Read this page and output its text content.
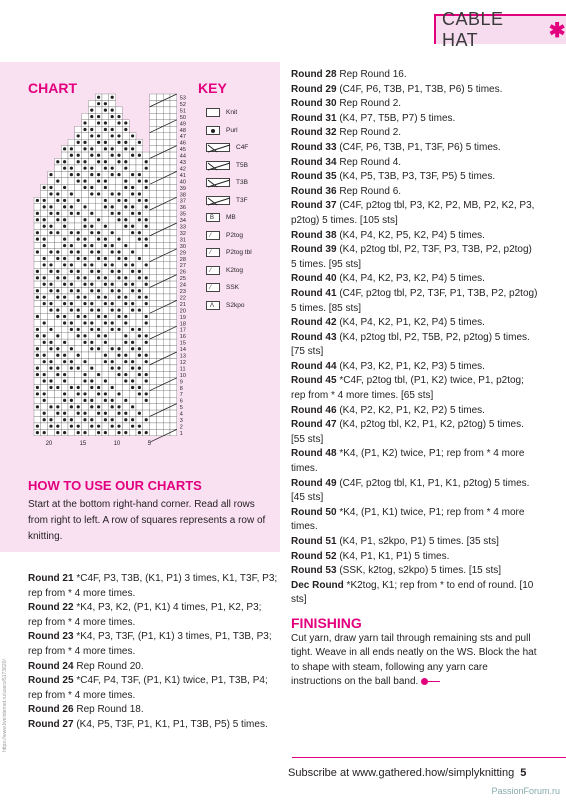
CABLE HAT	✱
CHART	KEY
53
52
51
50
49
48
47
46
45
44
43
42
41
40
39
38
37
36
35
34
33
32
31
30
29
28
27
26
25
24
23
22
21
20
19
18
17
16
15
14
13
12
11
10
9
8
7
6
5
4
3
2
1
20	15	10	5
Knit
Purl
C4F
T5B
T3B
T3F
B MB
⁄ P2tog
⁄ P2tog tbl
⁄ K2tog
⁄ SSK
Λ S2kpo
HOW TO USE OUR CHARTS
Start at the bottom right-hand corner. Read all rows from right to left. A row of squares represents a row of knitting.

Round 21 *C4F, P3, T3B, (K1, P1) 3 times, K1, T3F, P3; rep from * 4 more times.

Round 22 *K4, P3, K2, (P1, K1) 4 times, P1, K2, P3; rep from * 4 more times.

Round 23 *K4, P3, T3F, (P1, K1) 3 times, P1, T3B, P3; rep from * 4 more times.

Round 24 Rep Round 20.

Round 25 *C4F, P4, T3F, (P1, K1) twice, P1, T3B, P4; rep from * 4 more times.

Round 26 Rep Round 18.

Round 27 (K4, P5, T3F, P1, K1, P1, T3B, P5) 5 times.

Round 28 Rep Round 16.

Round 29 (C4F, P6, T3B, P1, T3B, P6) 5 times.

Round 30 Rep Round 2.

Round 31 (K4, P7, T5B, P7) 5 times.

Round 32 Rep Round 2.

Round 33 (C4F, P6, T3B, P1, T3F, P6) 5 times.

Round 34 Rep Round 4.

Round 35 (K4, P5, T3B, P3, T3F, P5) 5 times.

Round 36 Rep Round 6.

Round 37 (C4F, p2tog tbl, P3, K2, P2, MB, P2, K2, P3, p2tog) 5 times. [105 sts]

Round 38 (K4, P4, K2, P5, K2, P4) 5 times.

Round 39 (K4, p2tog tbl, P2, T3F, P3, T3B, P2, p2tog) 5 times. [95 sts]

Round 40 (K4, P4, K2, P3, K2, P4) 5 times.

Round 41 (C4F, p2tog tbl, P2, T3F, P1, T3B, P2, p2tog) 5 times. [85 sts]

Round 42 (K4, P4, K2, P1, K2, P4) 5 times.

Round 43 (K4, p2tog tbl, P2, T5B, P2, p2tog) 5 times. [75 sts]

Round 44 (K4, P3, K2, P1, K2, P3) 5 times.

Round 45 *C4F, p2tog tbl, (P1, K2) twice, P1, p2tog; rep from * 4 more times. [65 sts]

Round 46 (K4, P2, K2, P1, K2, P2) 5 times.

Round 47 (K4, p2tog tbl, K2, P1, K2, p2tog) 5 times. [55 sts]

Round 48 *K4, (P1, K2) twice, P1; rep from * 4 more times.

Round 49 (C4F, p2tog tbl, K1, P1, K1, p2tog) 5 times. [45 sts]

Round 50 *K4, (P1, K1) twice, P1; rep from * 4 more times.

Round 51 (K4, P1, s2kpo, P1) 5 times. [35 sts]

Round 52 (K4, P1, K1, P1) 5 times.

Round 53 (SSK, k2tog, s2kpo) 5 times. [15 sts]

Dec Round *K2tog, K1; rep from * to end of round. [10 sts]

FINISHING

Cut yarn, draw yarn tail through remaining sts and pull tight. Weave in all ends neatly on the WS. Block the hat to shape with steam, following any yarn care instructions on the ball band.

https://www.liveinternet.ru/users/5173620/
Subscribe at www.gathered.how/simplyknitting 5
PassionForum.ru
